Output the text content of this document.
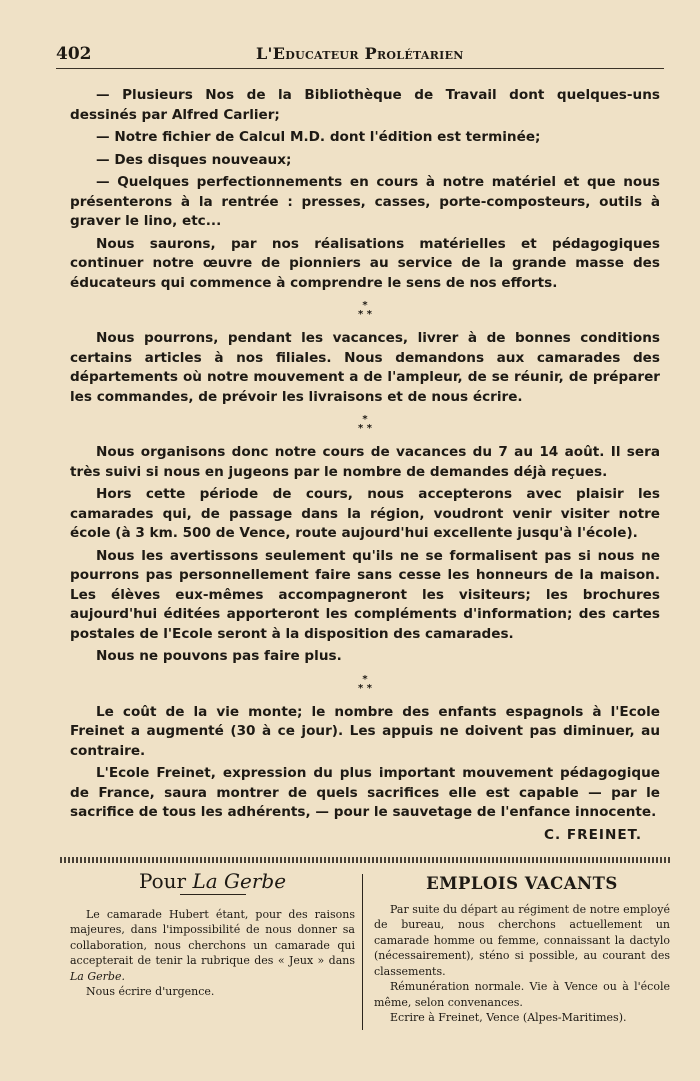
402	L'Educateur Prolétarien

— Plusieurs Nos de la Bibliothèque de Travail dont quelques-uns dessinés par Alfred Carlier;

— Notre fichier de Calcul M.D. dont l'édition est terminée;

— Des disques nouveaux;

— Quelques perfectionnements en cours à notre matériel et que nous présenterons à la rentrée : presses, casses, porte-composteurs, outils à graver le lino, etc...

Nous saurons, par nos réalisations matérielles et pédagogiques continuer notre œuvre de pionniers au service de la grande masse des éducateurs qui commence à comprendre le sens de nos efforts.

*
* *

Nous pourrons, pendant les vacances, livrer à de bonnes conditions certains articles à nos filiales. Nous demandons aux camarades des départements où notre mouvement a de l'ampleur, de se réunir, de préparer les commandes, de prévoir les livraisons et de nous écrire.

*
* *

Nous organisons donc notre cours de vacances du 7 au 14 août. Il sera très suivi si nous en jugeons par le nombre de demandes déjà reçues.

Hors cette période de cours, nous accepterons avec plaisir les camarades qui, de passage dans la région, voudront venir visiter notre école (à 3 km. 500 de Vence, route aujourd'hui excellente jusqu'à l'école).

Nous les avertissons seulement qu'ils ne se formalisent pas si nous ne pourrons pas personnellement faire sans cesse les honneurs de la maison. Les élèves eux-mêmes accompagneront les visiteurs; les brochures aujourd'hui éditées apporteront les compléments d'information; des cartes postales de l'Ecole seront à la disposition des camarades.

Nous ne pouvons pas faire plus.

*
* *

Le coût de la vie monte; le nombre des enfants espagnols à l'Ecole Freinet a augmenté (30 à ce jour). Les appuis ne doivent pas diminuer, au contraire.

L'Ecole Freinet, expression du plus important mouvement pédagogique de France, saura montrer de quels sacrifices elle est capable — par le sacrifice de tous les adhérents, — pour le sauvetage de l'enfance innocente.

C. FREINET.

Pour La Gerbe

Le camarade Hubert étant, pour des raisons majeures, dans l'impossibilité de nous donner sa collaboration, nous cherchons un camarade qui accepterait de tenir la rubrique des « Jeux » dans La Gerbe.

Nous écrire d'urgence.

EMPLOIS VACANTS

Par suite du départ au régiment de notre employé de bureau, nous cherchons actuellement un camarade homme ou femme, connaissant la dactylo (nécessairement), sténo si possible, au courant des classements.

Rémunération normale. Vie à Vence ou à l'école même, selon convenances.

Ecrire à Freinet, Vence (Alpes-Maritimes).
